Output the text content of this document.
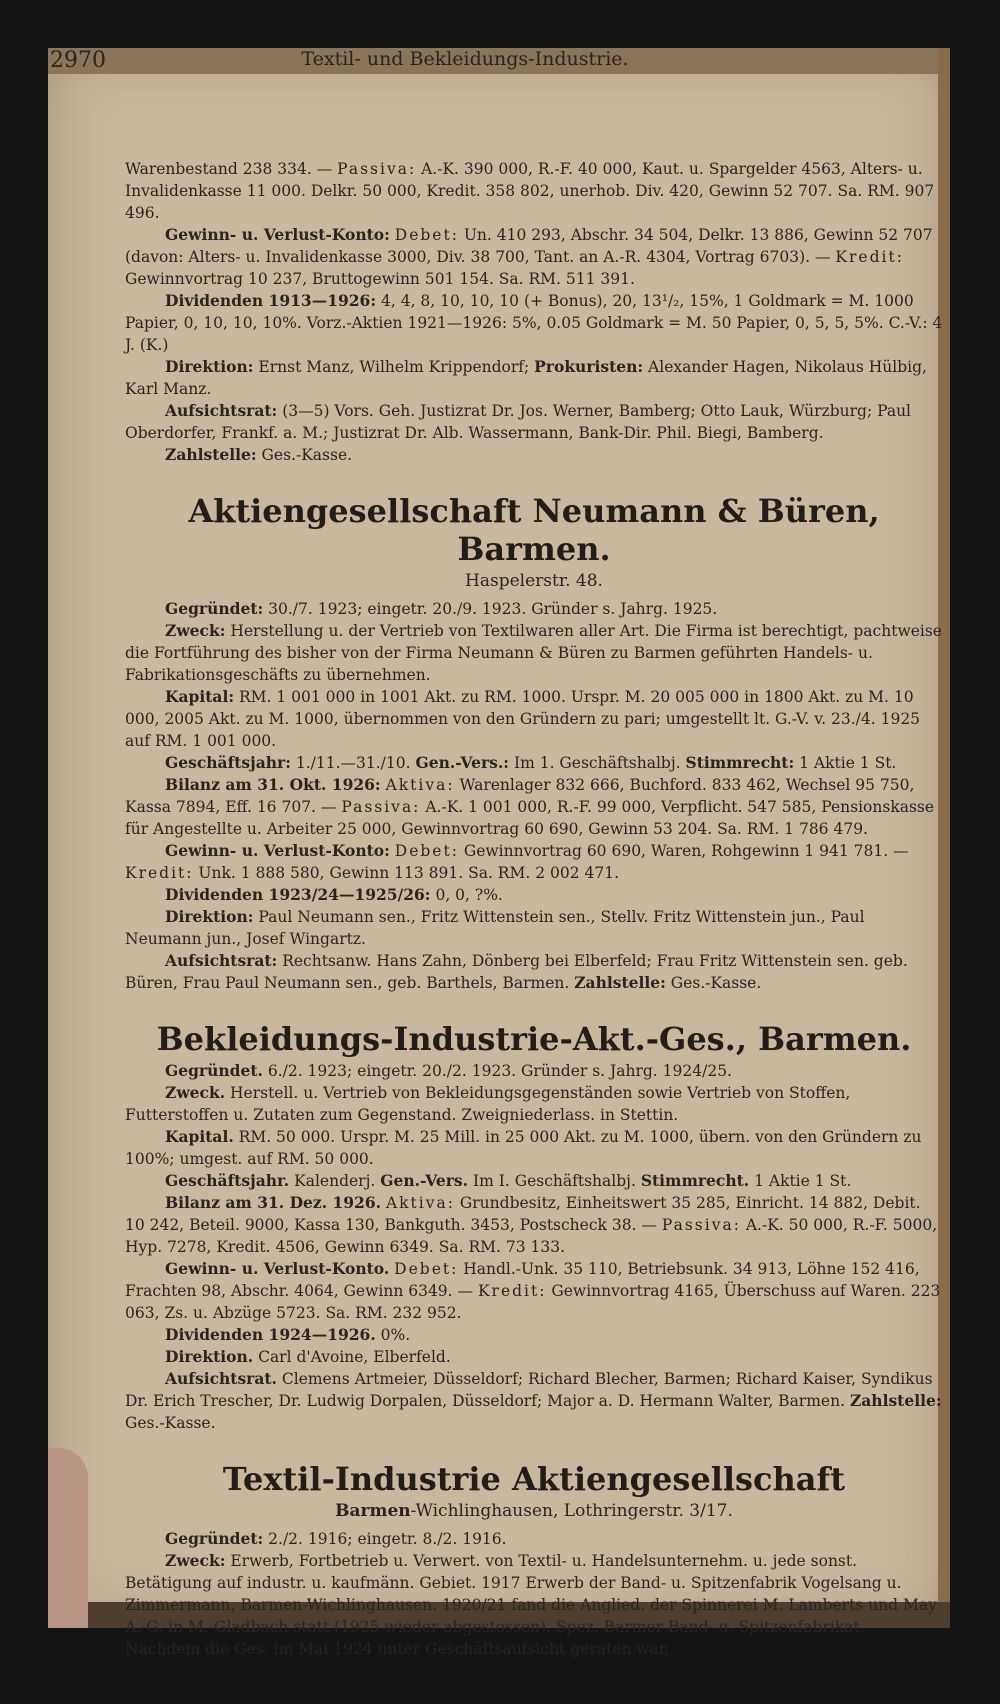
2970	Textil- und Bekleidungs-Industrie.

Warenbestand 238 334. — Passiva: A.-K. 390 000, R.-F. 40 000, Kaut. u. Spargelder 4563, Alters- u. Invalidenkasse 11 000. Delkr. 50 000, Kredit. 358 802, unerhob. Div. 420, Gewinn 52 707. Sa. RM. 907 496.

Gewinn- u. Verlust-Konto: Debet: Un. 410 293, Abschr. 34 504, Delkr. 13 886, Gewinn 52 707 (davon: Alters- u. Invalidenkasse 3000, Div. 38 700, Tant. an A.-R. 4304, Vortrag 6703). — Kredit: Gewinnvortrag 10 237, Bruttogewinn 501 154. Sa. RM. 511 391.

Dividenden 1913—1926: 4, 4, 8, 10, 10, 10 (+ Bonus), 20, 13¹/₂, 15%, 1 Goldmark = M. 1000 Papier, 0, 10, 10, 10%. Vorz.-Aktien 1921—1926: 5%, 0.05 Goldmark = M. 50 Papier, 0, 5, 5, 5%. C.-V.: 4 J. (K.)

Direktion: Ernst Manz, Wilhelm Krippendorf; Prokuristen: Alexander Hagen, Nikolaus Hülbig, Karl Manz.

Aufsichtsrat: (3—5) Vors. Geh. Justizrat Dr. Jos. Werner, Bamberg; Otto Lauk, Würzburg; Paul Oberdorfer, Frankf. a. M.; Justizrat Dr. Alb. Wassermann, Bank-Dir. Phil. Biegi, Bamberg.

Zahlstelle: Ges.-Kasse.

Aktiengesellschaft Neumann & Büren, Barmen.
Haspelerstr. 48.

Gegründet: 30./7. 1923; eingetr. 20./9. 1923. Gründer s. Jahrg. 1925.

Zweck: Herstellung u. der Vertrieb von Textilwaren aller Art. Die Firma ist berechtigt, pachtweise die Fortführung des bisher von der Firma Neumann & Büren zu Barmen geführten Handels- u. Fabrikationsgeschäfts zu übernehmen.

Kapital: RM. 1 001 000 in 1001 Akt. zu RM. 1000. Urspr. M. 20 005 000 in 1800 Akt. zu M. 10 000, 2005 Akt. zu M. 1000, übernommen von den Gründern zu pari; umgestellt lt. G.-V. v. 23./4. 1925 auf RM. 1 001 000.

Geschäftsjahr: 1./11.—31./10. Gen.-Vers.: Im 1. Geschäftshalbj. Stimmrecht: 1 Aktie 1 St.

Bilanz am 31. Okt. 1926: Aktiva: Warenlager 832 666, Buchford. 833 462, Wechsel 95 750, Kassa 7894, Eff. 16 707. — Passiva: A.-K. 1 001 000, R.-F. 99 000, Verpflicht. 547 585, Pensionskasse für Angestellte u. Arbeiter 25 000, Gewinnvortrag 60 690, Gewinn 53 204. Sa. RM. 1 786 479.

Gewinn- u. Verlust-Konto: Debet: Gewinnvortrag 60 690, Waren, Rohgewinn 1 941 781. — Kredit: Unk. 1 888 580, Gewinn 113 891. Sa. RM. 2 002 471.

Dividenden 1923/24—1925/26: 0, 0, ?%.

Direktion: Paul Neumann sen., Fritz Wittenstein sen., Stellv. Fritz Wittenstein jun., Paul Neumann jun., Josef Wingartz.

Aufsichtsrat: Rechtsanw. Hans Zahn, Dönberg bei Elberfeld; Frau Fritz Wittenstein sen. geb. Büren, Frau Paul Neumann sen., geb. Barthels, Barmen. Zahlstelle: Ges.-Kasse.

Bekleidungs-Industrie-Akt.-Ges., Barmen.

Gegründet. 6./2. 1923; eingetr. 20./2. 1923. Gründer s. Jahrg. 1924/25.

Zweck. Herstell. u. Vertrieb von Bekleidungsgegenständen sowie Vertrieb von Stoffen, Futterstoffen u. Zutaten zum Gegenstand. Zweigniederlass. in Stettin.

Kapital. RM. 50 000. Urspr. M. 25 Mill. in 25 000 Akt. zu M. 1000, übern. von den Gründern zu 100%; umgest. auf RM. 50 000.

Geschäftsjahr. Kalenderj. Gen.-Vers. Im I. Geschäftshalbj. Stimmrecht. 1 Aktie 1 St.

Bilanz am 31. Dez. 1926. Aktiva: Grundbesitz, Einheitswert 35 285, Einricht. 14 882, Debit. 10 242, Beteil. 9000, Kassa 130, Bankguth. 3453, Postscheck 38. — Passiva: A.-K. 50 000, R.-F. 5000, Hyp. 7278, Kredit. 4506, Gewinn 6349. Sa. RM. 73 133.

Gewinn- u. Verlust-Konto. Debet: Handl.-Unk. 35 110, Betriebsunk. 34 913, Löhne 152 416, Frachten 98, Abschr. 4064, Gewinn 6349. — Kredit: Gewinnvortrag 4165, Überschuss auf Waren. 223 063, Zs. u. Abzüge 5723. Sa. RM. 232 952.

Dividenden 1924—1926. 0%.

Direktion. Carl d'Avoine, Elberfeld.

Aufsichtsrat. Clemens Artmeier, Düsseldorf; Richard Blecher, Barmen; Richard Kaiser, Syndikus Dr. Erich Trescher, Dr. Ludwig Dorpalen, Düsseldorf; Major a. D. Hermann Walter, Barmen. Zahlstelle: Ges.-Kasse.

Textil-Industrie Aktiengesellschaft
Barmen-Wichlinghausen, Lothringerstr. 3/17.

Gegründet: 2./2. 1916; eingetr. 8./2. 1916.

Zweck: Erwerb, Fortbetrieb u. Verwert. von Textil- u. Handelsunternehm. u. jede sonst. Betätigung auf industr. u. kaufmänn. Gebiet. 1917 Erwerb der Band- u. Spitzenfabrik Vogelsang u. Zimmermann, Barmen-Wichlinghausen. 1920/21 fand die Anglied. der Spinnerei M. Lamberts und May A.-G. in M.-Gladbach statt (1925 wieder abgestossen). Spez. Barmer Band- u. Spitzenfabrikat. Nachdem die Ges. im Mai 1924 unter Geschäftsaufsicht geraten war,
